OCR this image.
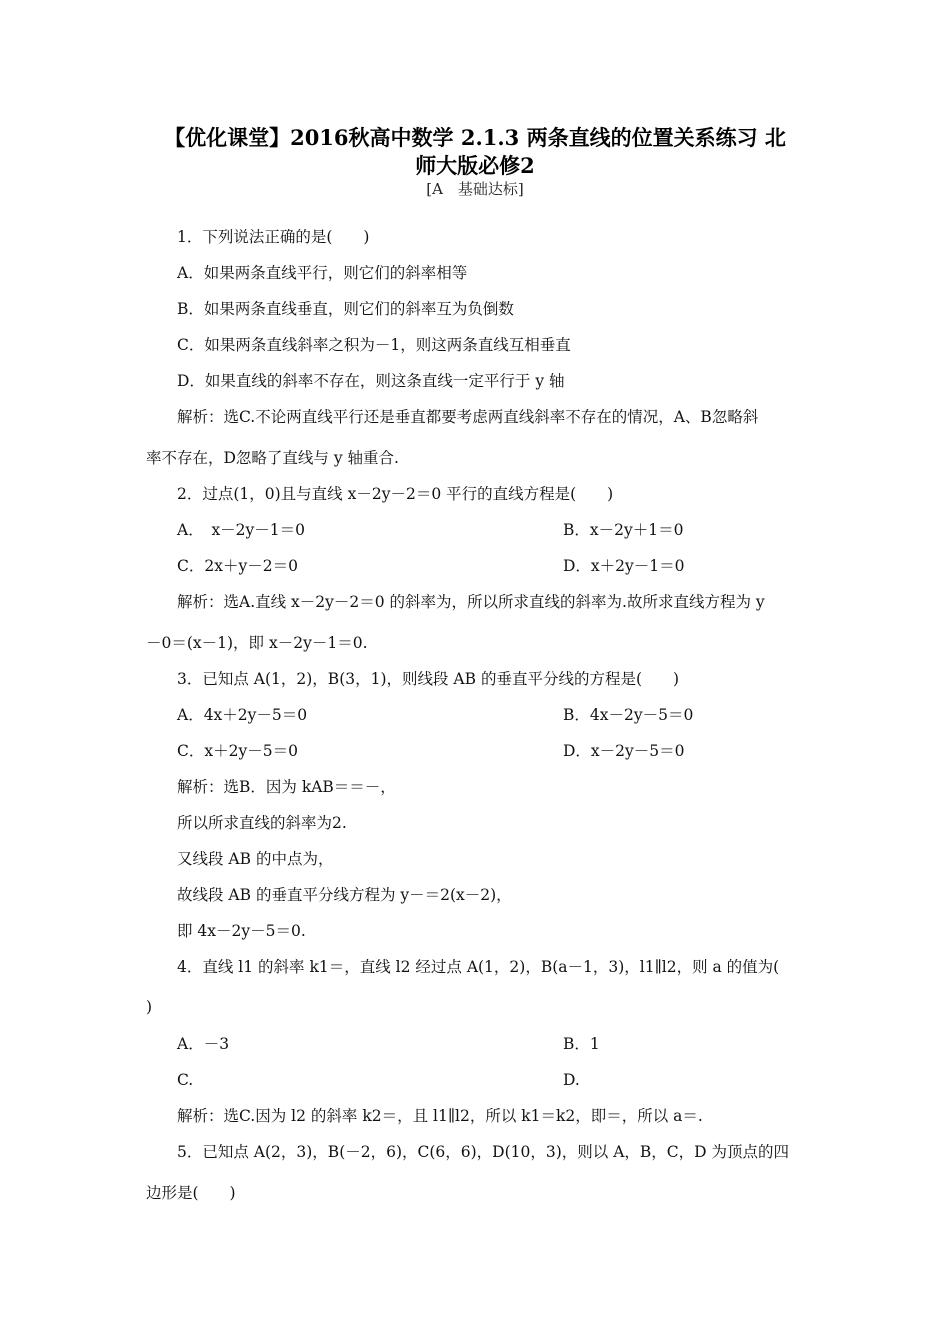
【优化课堂】2016秋高中数学 2.1.3 两条直线的位置关系练习 北
师大版必修2
[A　基础达标]
1．下列说法正确的是(　　)
A．如果两条直线平行，则它们的斜率相等
B．如果两条直线垂直，则它们的斜率互为负倒数
C．如果两条直线斜率之积为－1，则这两条直线互相垂直
D．如果直线的斜率不存在，则这条直线一定平行于 y 轴
解析：选C.不论两直线平行还是垂直都要考虑两直线斜率不存在的情况，A、B忽略斜
率不存在，D忽略了直线与 y 轴重合.
2．过点(1，0)且与直线 x－2y－2＝0 平行的直线方程是(　　)
A．　x－2y－1＝0	B．x－2y＋1＝0
C．2x＋y－2＝0	D．x＋2y－1＝0
解析：选A.直线 x－2y－2＝0 的斜率为，所以所求直线的斜率为.故所求直线方程为 y
－0＝(x－1)，即 x－2y－1＝0.
3．已知点 A(1，2)，B(3，1)，则线段 AB 的垂直平分线的方程是(　　)
A．4x＋2y－5＝0	B．4x－2y－5＝0
C．x＋2y－5＝0	D．x－2y－5＝0
解析：选B．因为 kAB＝＝－，
所以所求直线的斜率为2.
又线段 AB 的中点为，
故线段 AB 的垂直平分线方程为 y－＝2(x－2)，
即 4x－2y－5＝0.
4．直线 l1 的斜率 k1＝，直线 l2 经过点 A(1，2)，B(a－1，3)，l1∥l2，则 a 的值为(
)
A．－3	B．1
C.	D.
解析：选C.因为 l2 的斜率 k2＝，且 l1∥l2，所以 k1＝k2，即＝，所以 a＝.
5．已知点 A(2，3)，B(－2，6)，C(6，6)，D(10，3)，则以 A，B，C，D 为顶点的四
边形是(　　)
